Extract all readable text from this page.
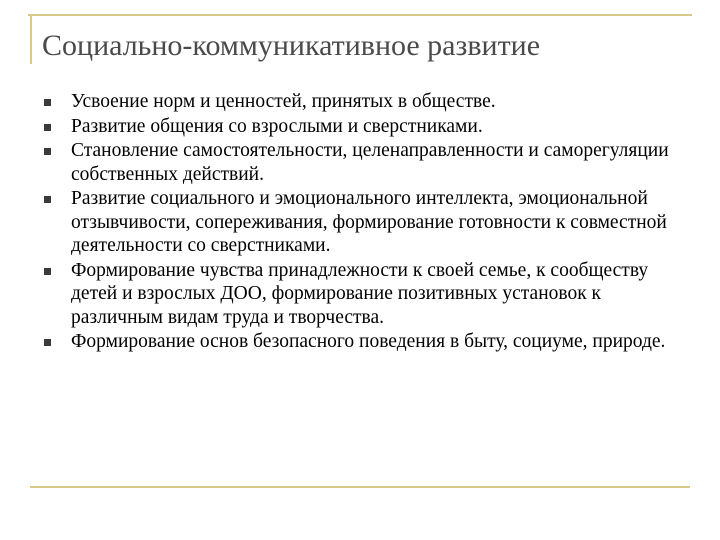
Социально-коммуникативное развитие
Усвоение норм и ценностей, принятых в обществе.
Развитие общения со взрослыми и сверстниками.
Становление самостоятельности, целенаправленности и саморегуляции собственных действий.
Развитие социального и эмоционального интеллекта, эмоциональной отзывчивости, сопереживания, формирование готовности к совместной деятельности со сверстниками.
Формирование чувства принадлежности к своей семье, к сообществу детей и взрослых ДОО, формирование позитивных установок к различным видам труда и творчества.
Формирование основ безопасного поведения в быту, социуме, природе.
